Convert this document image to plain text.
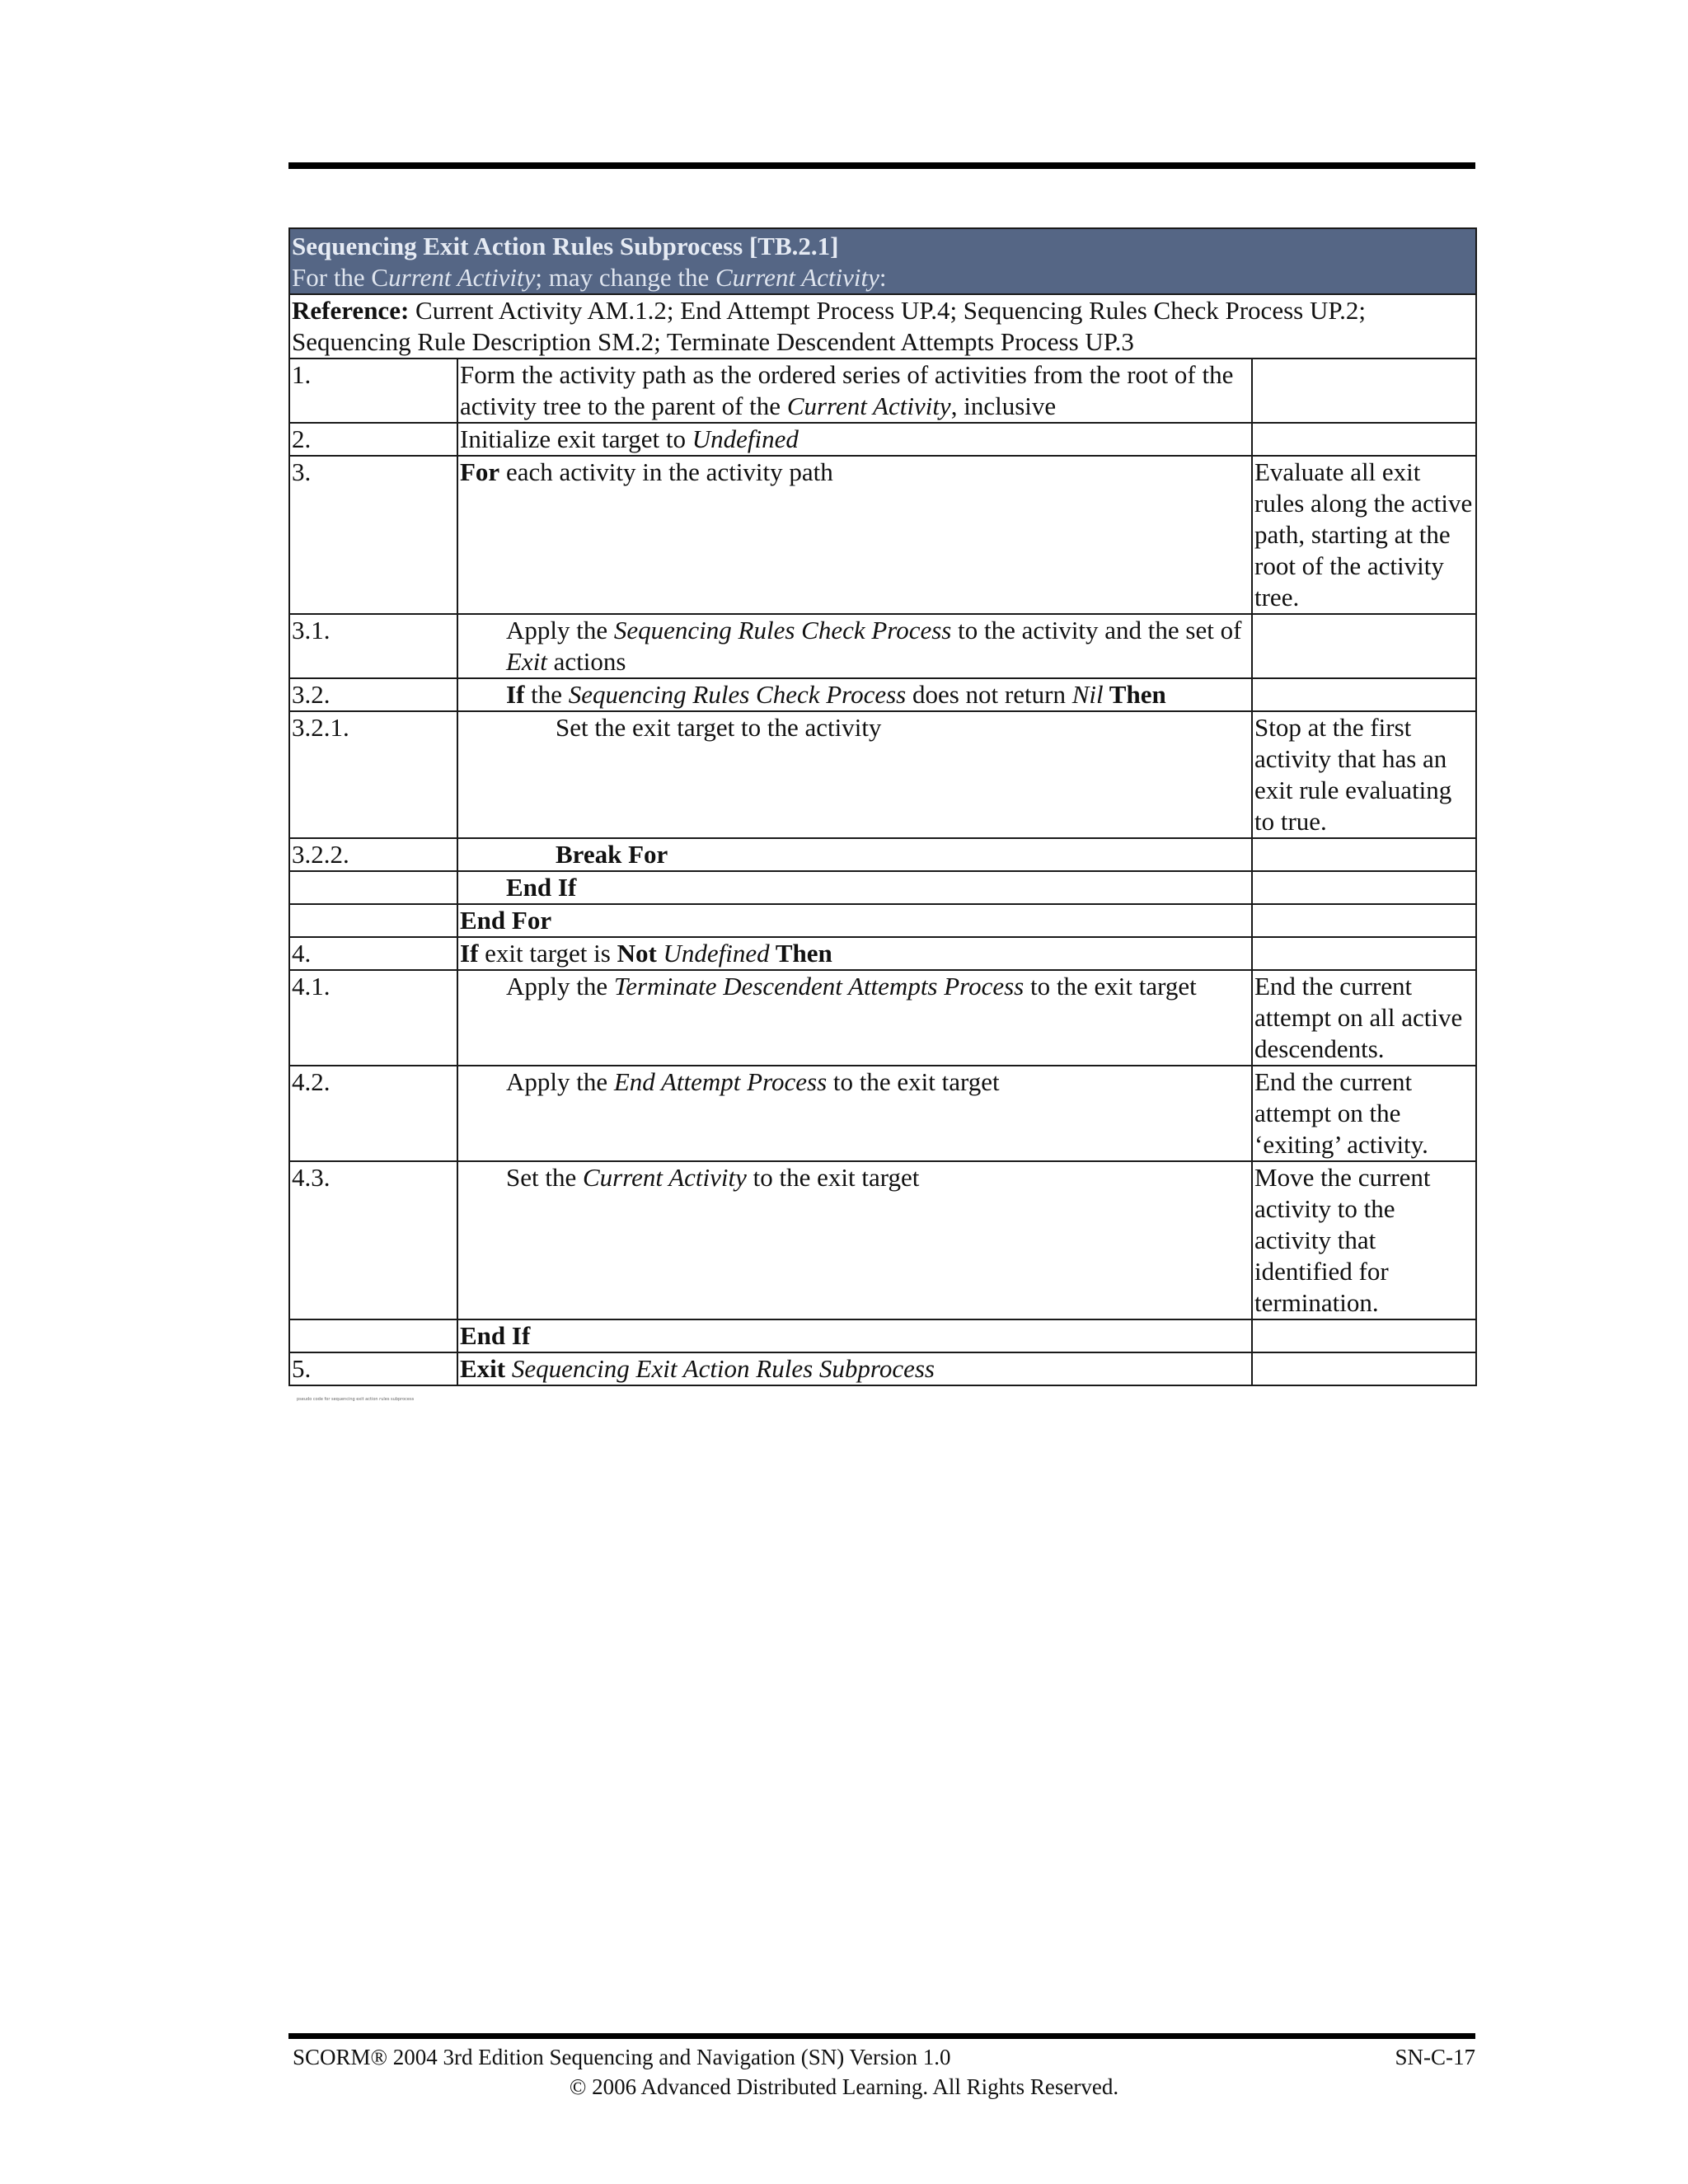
Sequencing Exit Action Rules Subprocess [TB.2.1]
For the Current Activity; may change the Current Activity:		

Reference: Current Activity AM.1.2; End Attempt Process UP.4; Sequencing Rules Check Process UP.2; Sequencing Rule Description SM.2; Terminate Descendent Attempts Process UP.3		
1.	Form the activity path as the ordered series of activities from the root of the activity tree to the parent of the Current Activity, inclusive	
2.	Initialize exit target to Undefined	
3.	For each activity in the activity path	Evaluate all exit rules along the active path, starting at the root of the activity tree.
3.1.	Apply the Sequencing Rules Check Process to the activity and the set of Exit actions	
3.2.	If the Sequencing Rules Check Process does not return Nil Then	
3.2.1.	Set the exit target to the activity	Stop at the first activity that has an exit rule evaluating to true.
3.2.2.	Break For	
	End If	
	End For	
4.	If exit target is Not Undefined Then	
4.1.	Apply the Terminate Descendent Attempts Process to the exit target	End the current attempt on all active descendents.
4.2.	Apply the End Attempt Process to the exit target	End the current attempt on the ‘exiting’ activity.
4.3.	Set the Current Activity to the exit target	Move the current activity to the activity that identified for termination.
	End If	
5.	Exit Sequencing Exit Action Rules Subprocess	
pseudo code for sequencing exit action rules subprocess
SCORM® 2004 3rd Edition Sequencing and Navigation (SN) Version 1.0	SN-C-17
© 2006 Advanced Distributed Learning. All Rights Reserved.
